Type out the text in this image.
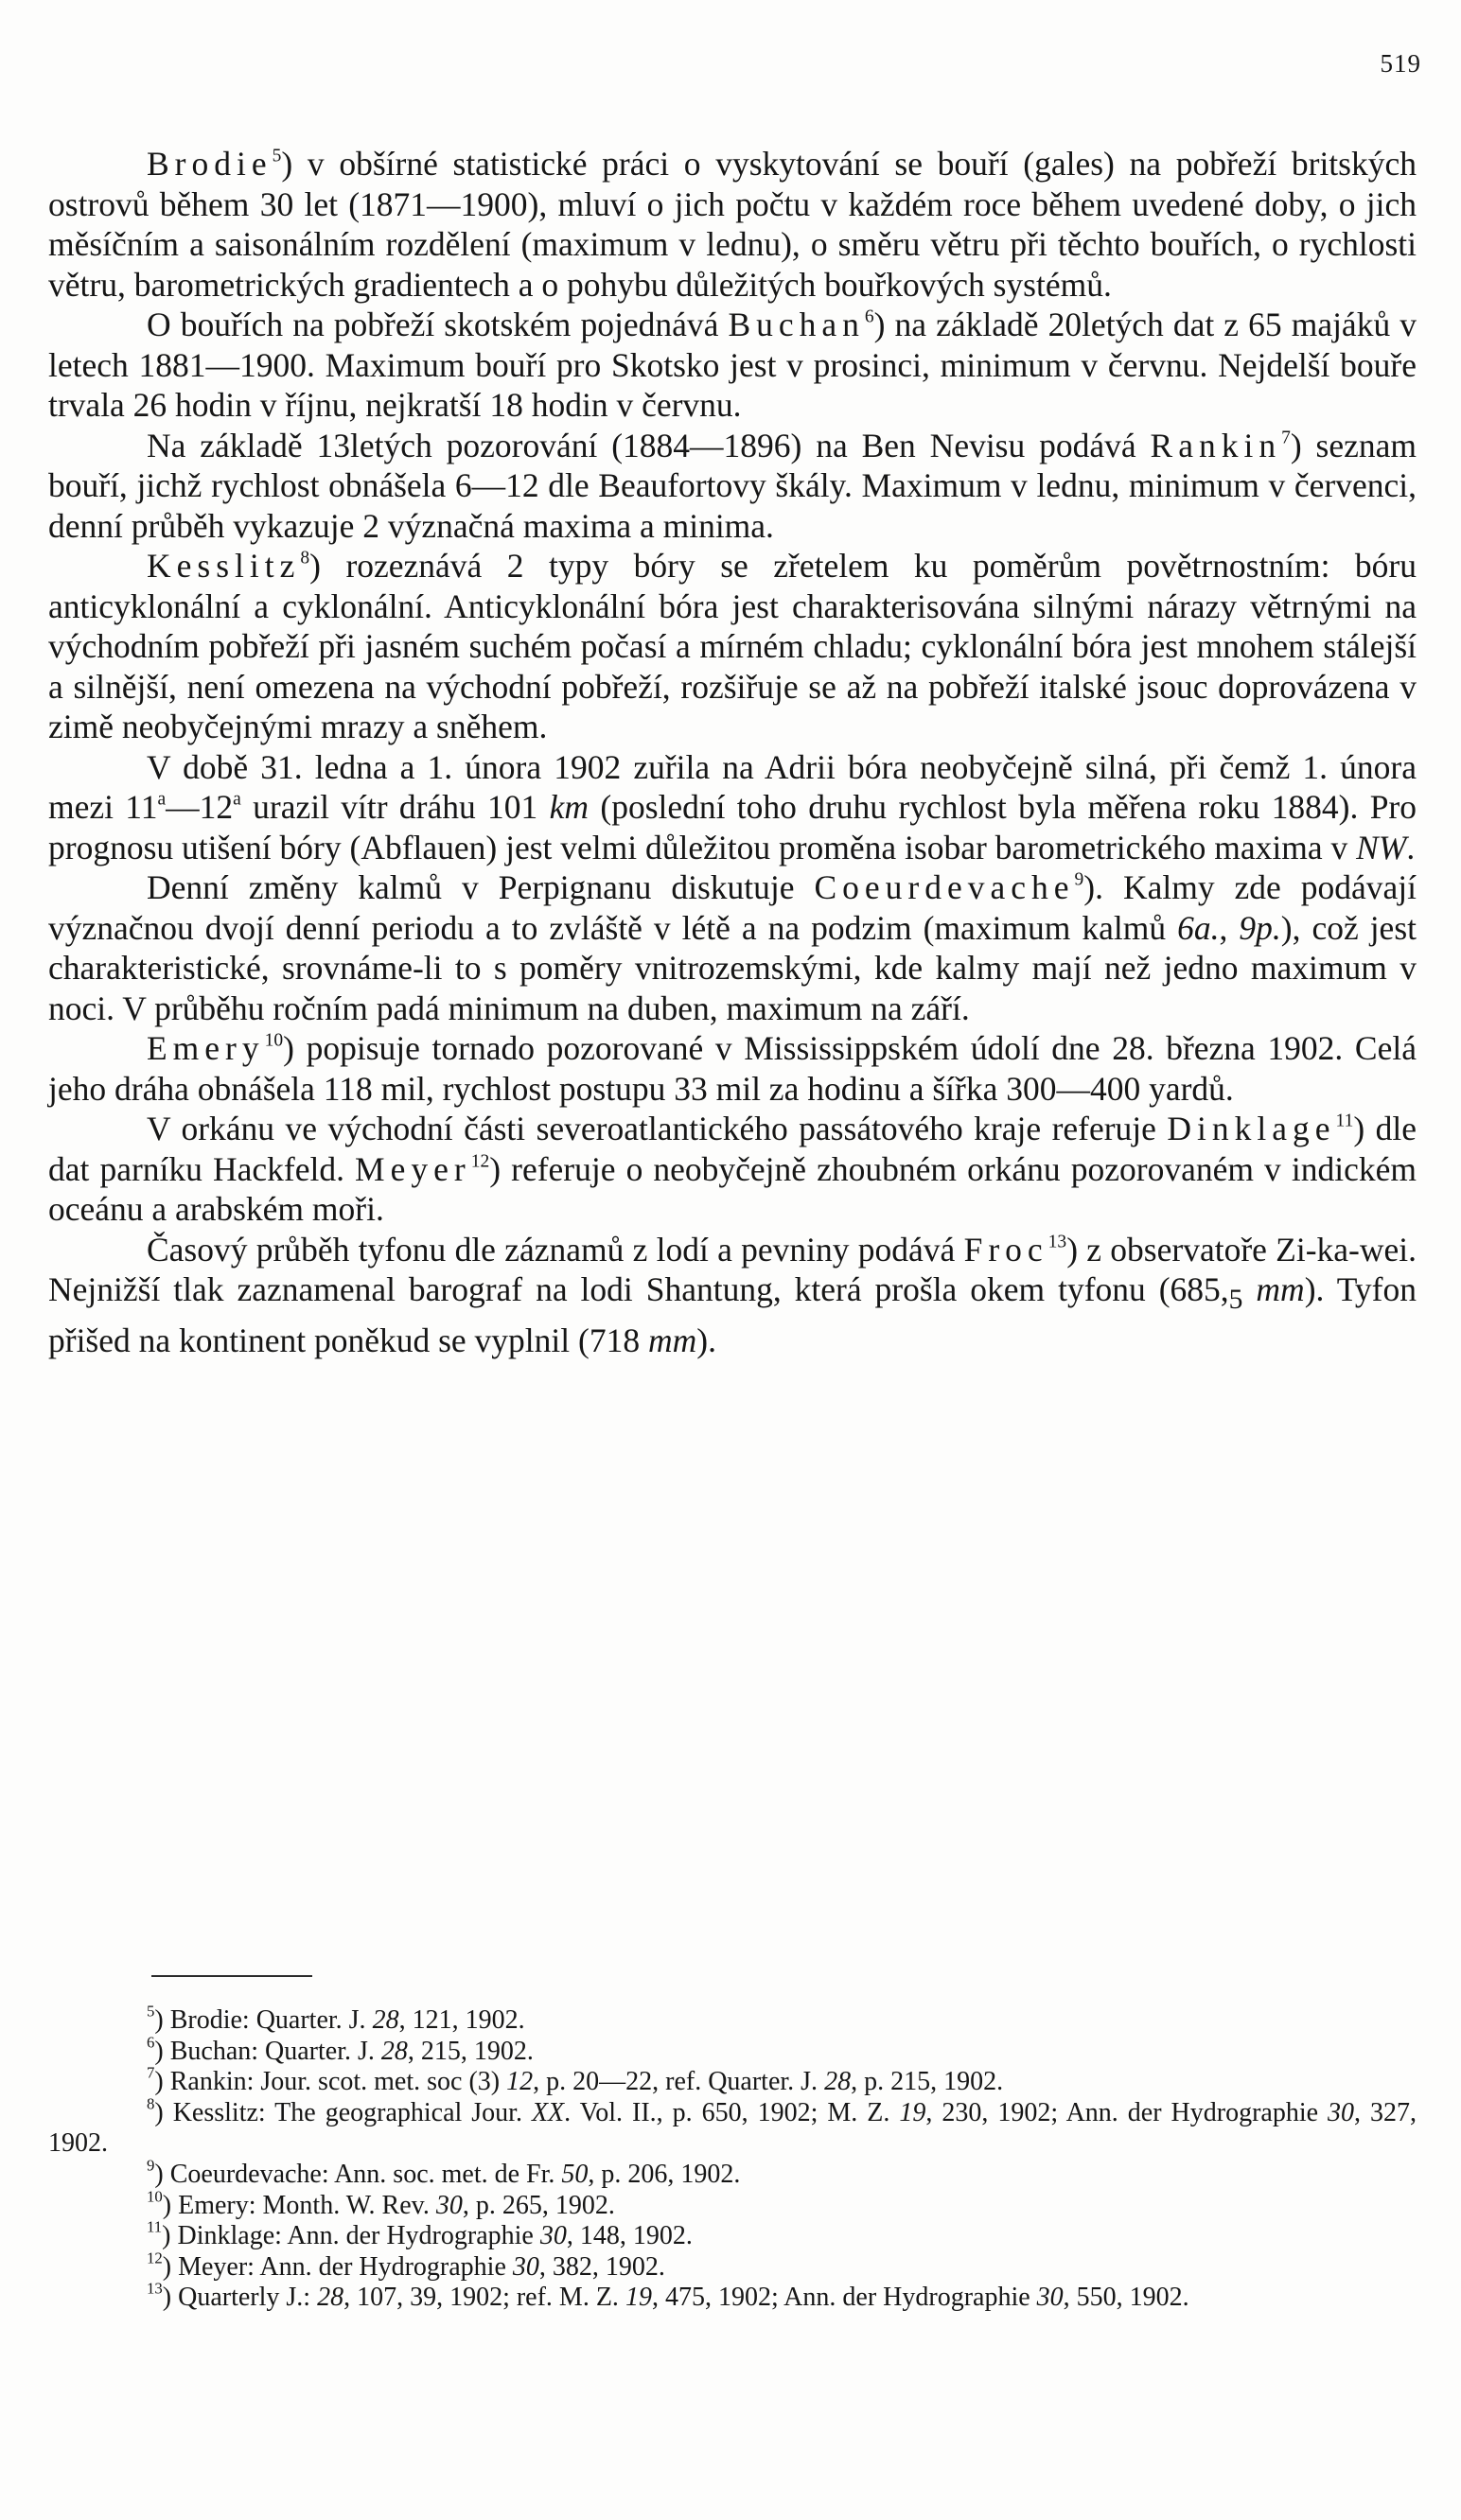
519

Brodie$^5$) v obšírné statistické práci o vyskytování se bouří (gales) na pobřeží britských ostrovů během 30 let (1871—1900), mluví o jich počtu v každém roce během uvedené doby, o jich měsíčním a saisonálním rozdělení (maximum v lednu), o směru větru při těchto bouřích, o rychlosti větru, barometrických gradientech a o pohybu důležitých bouřkových systémů.

O bouřích na pobřeží skotském pojednává Buchan$^6$) na základě 20letých dat z 65 majáků v letech 1881—1900. Maximum bouří pro Skotsko jest v prosinci, minimum v červnu. Nejdelší bouře trvala 26 hodin v říjnu, nejkratší 18 hodin v červnu.

Na základě 13letých pozorování (1884—1896) na Ben Nevisu podává Rankin$^7$) seznam bouří, jichž rychlost obnášela 6—12 dle Beaufortovy škály. Maximum v lednu, minimum v červenci, denní průběh vykazuje 2 význačná maxima a minima.

Kesslitz$^8$) rozeznává 2 typy bóry se zřetelem ku poměrům povětrnostním: bóru anticyklonální a cyklonální. Anticyklonální bóra jest charakterisována silnými nárazy větrnými na východním pobřeží při jasném suchém počasí a mírném chladu; cyklonální bóra jest mnohem stálejší a silnější, není omezena na východní pobřeží, rozšiřuje se až na pobřeží italské jsouc doprovázena v zimě neobyčejnými mrazy a sněhem.

V době 31. ledna a 1. února 1902 zuřila na Adrii bóra neobyčejně silná, při čemž 1. února mezi 11$^a$—12$^a$ urazil vítr dráhu 101 km (poslední toho druhu rychlost byla měřena roku 1884). Pro prognosu utišení bóry (Abflauen) jest velmi důležitou proměna isobar barometrického maxima v NW.

Denní změny kalmů v Perpignanu diskutuje Coeurdevache$^9$). Kalmy zde podávají význačnou dvojí denní periodu a to zvláště v létě a na podzim (maximum kalmů 6a., 9p.), což jest charakteristické, srovnáme-li to s poměry vnitrozemskými, kde kalmy mají než jedno maximum v noci. V průběhu ročním padá minimum na duben, maximum na září.

Emery$^{10}$) popisuje tornado pozorované v Mississippském údolí dne 28. března 1902. Celá jeho dráha obnášela 118 mil, rychlost postupu 33 mil za hodinu a šířka 300—400 yardů.

V orkánu ve východní části severoatlantického passátového kraje referuje Dinklage$^{11}$) dle dat parníku Hackfeld. Meyer$^{12}$) referuje o neobyčejně zhoubném orkánu pozorovaném v indickém oceánu a arabském moři.

Časový průběh tyfonu dle záznamů z lodí a pevniny podává Froc$^{13}$) z observatoře Zi-ka-wei. Nejnižší tlak zaznamenal barograf na lodi Shantung, která prošla okem tyfonu ($685,_5$ mm). Tyfon přišed na kontinent poněkud se vyplnil (718 mm).

$^5$) Brodie: Quarter. J. 28, 121, 1902.

$^6$) Buchan: Quarter. J. 28, 215, 1902.

$^7$) Rankin: Jour. scot. met. soc (3) 12, p. 20—22, ref. Quarter. J. 28, p. 215, 1902.

$^8$) Kesslitz: The geographical Jour. XX. Vol. II., p. 650, 1902; M. Z. 19, 230, 1902; Ann. der Hydrographie 30, 327, 1902.

$^9$) Coeurdevache: Ann. soc. met. de Fr. 50, p. 206, 1902.

$^{10}$) Emery: Month. W. Rev. 30, p. 265, 1902.

$^{11}$) Dinklage: Ann. der Hydrographie 30, 148, 1902.

$^{12}$) Meyer: Ann. der Hydrographie 30, 382, 1902.

$^{13}$) Quarterly J.: 28, 107, 39, 1902; ref. M. Z. 19, 475, 1902; Ann. der Hydrographie 30, 550, 1902.
